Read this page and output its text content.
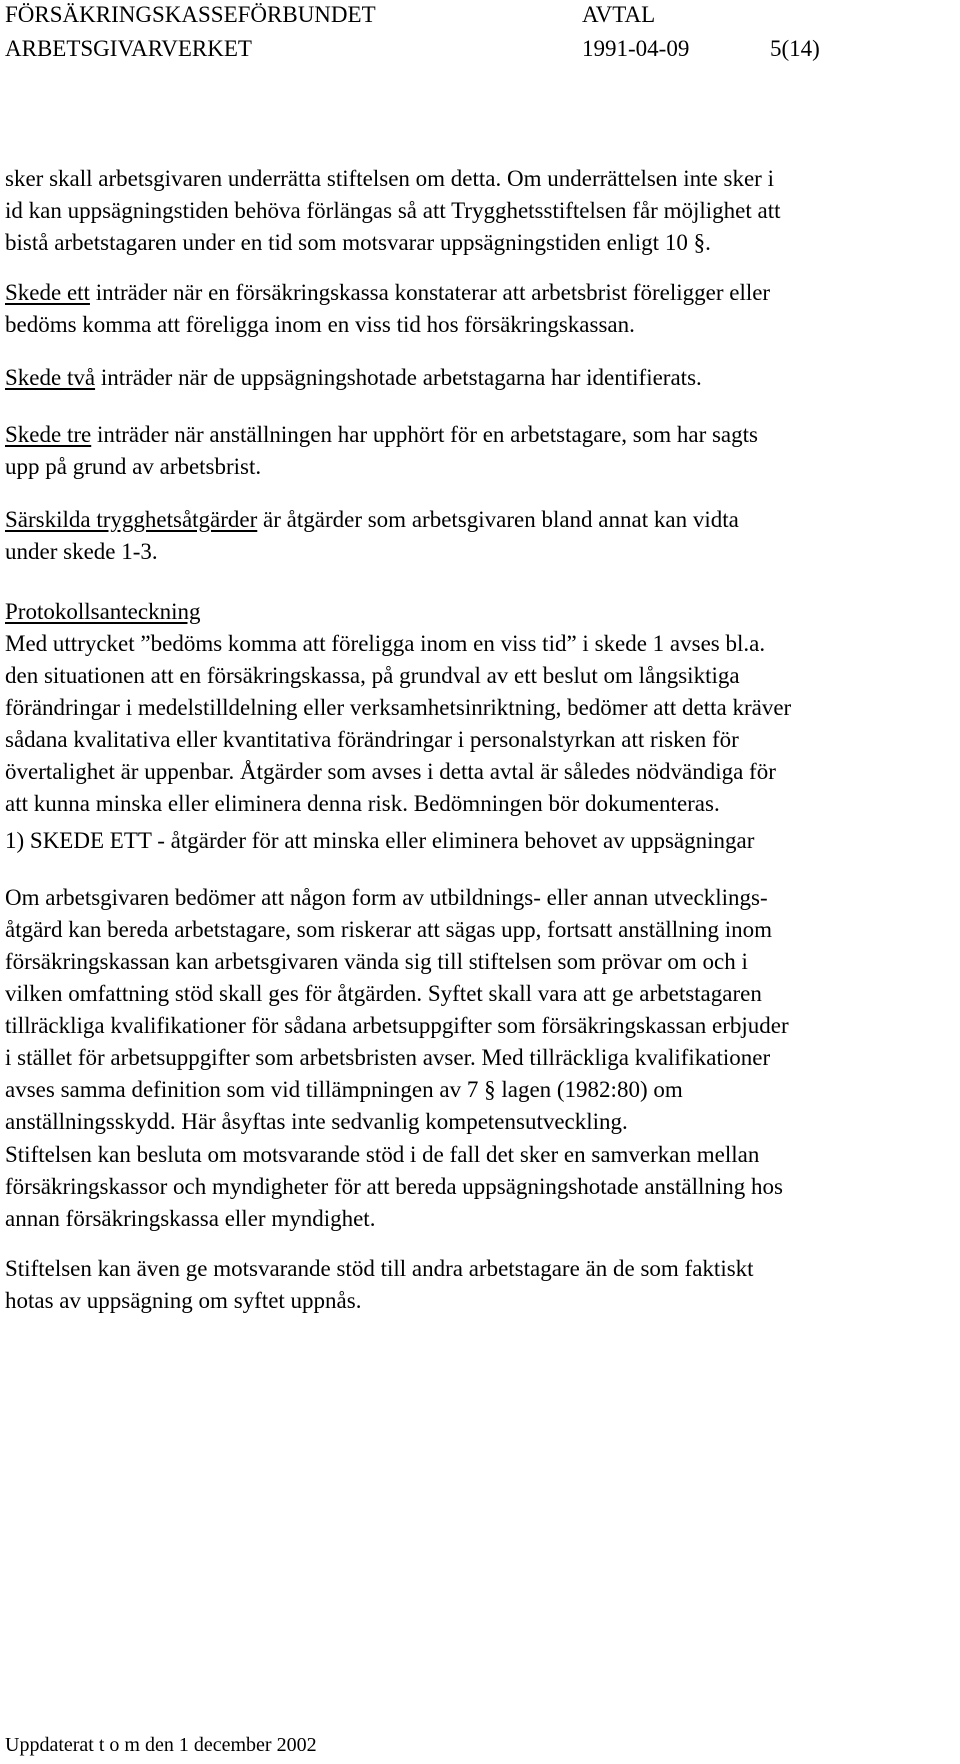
FÖRSÄKRINGSKASSEFÖRBUNDET	AVTAL
ARBETSGIVARVERKET	1991-04-09	5(14)
sker skall arbetsgivaren underrätta stiftelsen om detta. Om underrättelsen inte sker i
id kan uppsägningstiden behöva förlängas så att Trygghetsstiftelsen får möjlighet att
bistå arbetstagaren under en tid som motsvarar uppsägningstiden enligt 10 §.
Skede ett inträder när en försäkringskassa konstaterar att arbetsbrist föreligger eller
bedöms komma att föreligga inom en viss tid hos försäkringskassan.
Skede två inträder när de uppsägningshotade arbetstagarna har identifierats.
Skede tre inträder när anställningen har upphört för en arbetstagare, som har sagts
upp på grund av arbetsbrist.
Särskilda trygghetsåtgärder är åtgärder som arbetsgivaren bland annat kan vidta
under skede 1-3.
Protokollsanteckning
Med uttrycket ”bedöms komma att föreligga inom en viss tid” i skede 1 avses bl.a.
den situationen att en försäkringskassa, på grundval av ett beslut om långsiktiga
förändringar i medelstilldelning eller verksamhetsinriktning, bedömer att detta kräver
sådana kvalitativa eller kvantitativa förändringar i personalstyrkan att risken för
övertalighet är uppenbar. Åtgärder som avses i detta avtal är således nödvändiga för
att kunna minska eller eliminera denna risk. Bedömningen bör dokumenteras.
1) SKEDE ETT - åtgärder för att minska eller eliminera behovet av uppsägningar
Om arbetsgivaren bedömer att någon form av utbildnings- eller annan utvecklings-
åtgärd kan bereda arbetstagare, som riskerar att sägas upp, fortsatt anställning inom
försäkringskassan kan arbetsgivaren vända sig till stiftelsen som prövar om och i
vilken omfattning stöd skall ges för åtgärden. Syftet skall vara att ge arbetstagaren
tillräckliga kvalifikationer för sådana arbetsuppgifter som försäkringskassan erbjuder
i stället för arbetsuppgifter som arbetsbristen avser. Med tillräckliga kvalifikationer
avses samma definition som vid tillämpningen av 7 § lagen (1982:80) om
anställningsskydd. Här åsyftas inte sedvanlig kompetensutveckling.
Stiftelsen kan besluta om motsvarande stöd i de fall det sker en samverkan mellan
försäkringskassor och myndigheter för att bereda uppsägningshotade anställning hos
annan försäkringskassa eller myndighet.
Stiftelsen kan även ge motsvarande stöd till andra arbetstagare än de som faktiskt
hotas av uppsägning om syftet uppnås.
Uppdaterat t o m den 1 december 2002
